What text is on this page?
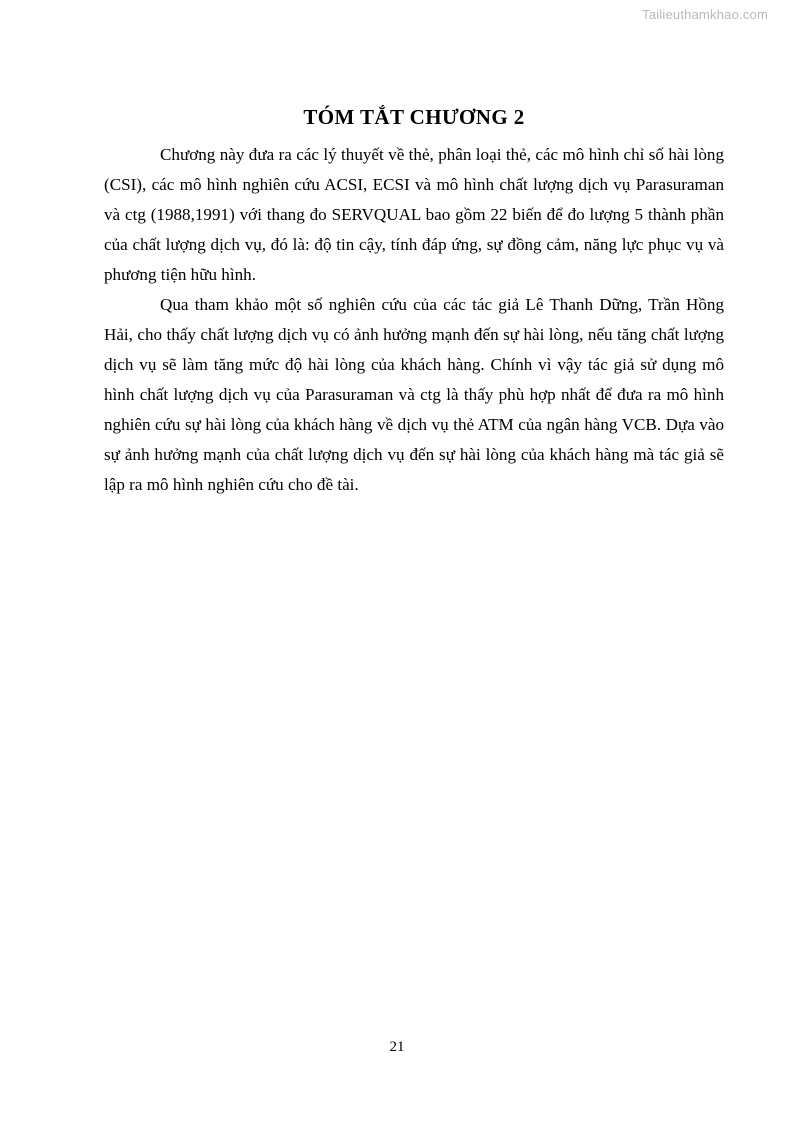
Tailieuthamkhao.com
TÓM TẮT CHƯƠNG 2

Chương này đưa ra các lý thuyết về thẻ, phân loại thẻ, các mô hình chỉ số hài lòng (CSI), các mô hình nghiên cứu ACSI, ECSI và mô hình chất lượng dịch vụ Parasuraman và ctg (1988,1991) với thang đo SERVQUAL bao gồm 22 biến để đo lượng 5 thành phần của chất lượng dịch vụ, đó là: độ tin cậy, tính đáp ứng, sự đồng cảm, năng lực phục vụ và phương tiện hữu hình.

Qua tham khảo một số nghiên cứu của các tác giả Lê Thanh Dững, Trần Hồng Hải, cho thấy chất lượng dịch vụ có ảnh hưởng mạnh đến sự hài lòng, nếu tăng chất lượng dịch vụ sẽ làm tăng mức độ hài lòng của khách hàng. Chính vì vậy tác giả sử dụng mô hình chất lượng dịch vụ của Parasuraman và ctg là thấy phù hợp nhất để đưa ra mô hình nghiên cứu sự hài lòng của khách hàng về dịch vụ thẻ ATM của ngân hàng VCB. Dựa vào sự ảnh hưởng mạnh của chất lượng dịch vụ đến sự hài lòng của khách hàng mà tác giả sẽ lập ra mô hình nghiên cứu cho đề tài.

21
